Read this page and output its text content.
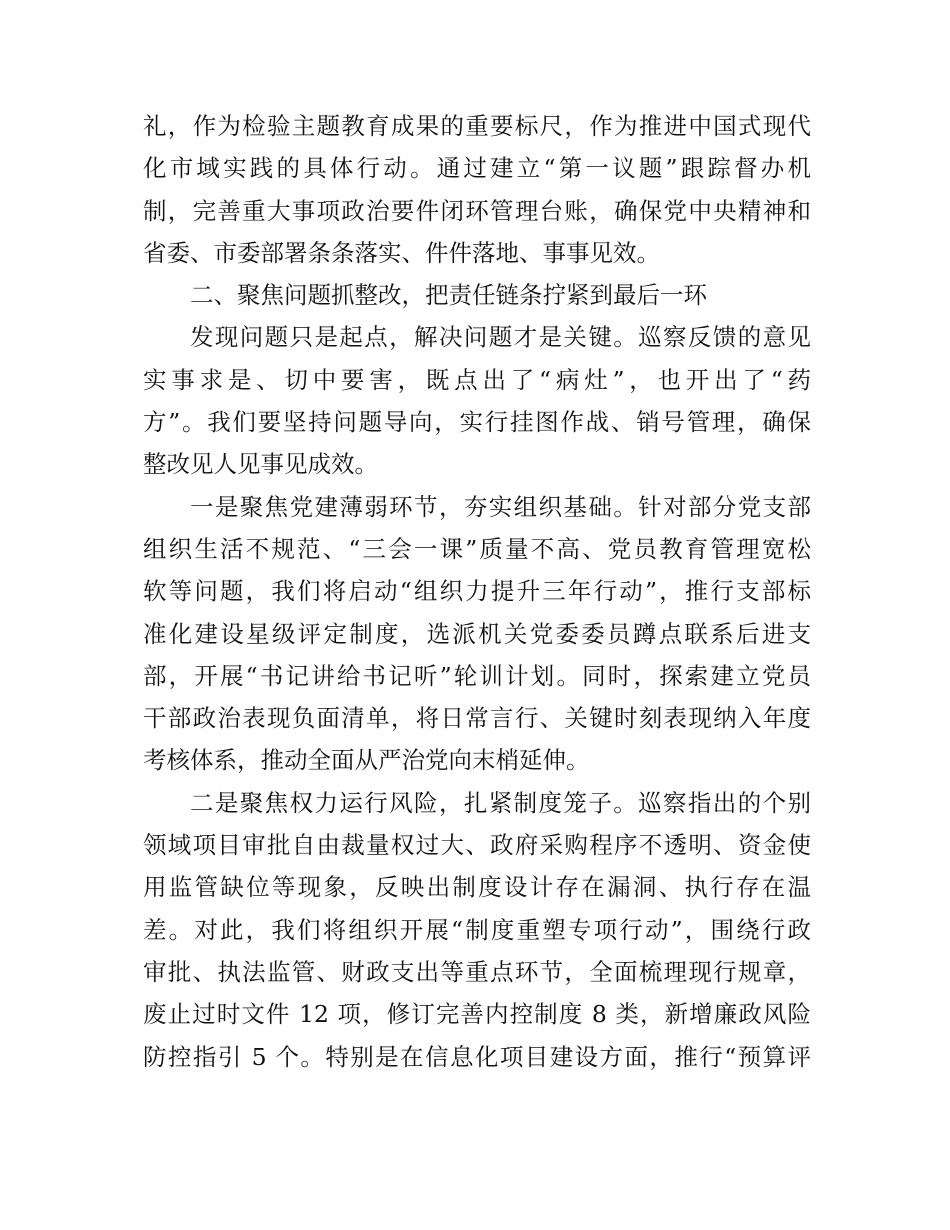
礼，作为检验主题教育成果的重要标尺，作为推进中国式现代
化市域实践的具体行动。通过建立“第一议题”跟踪督办机
制，完善重大事项政治要件闭环管理台账，确保党中央精神和
省委、市委部署条条落实、件件落地、事事见效。
二、聚焦问题抓整改，把责任链条拧紧到最后一环
发现问题只是起点，解决问题才是关键。巡察反馈的意见
实事求是、切中要害，既点出了“病灶”，也开出了“药
方”。我们要坚持问题导向，实行挂图作战、销号管理，确保
整改见人见事见成效。
一是聚焦党建薄弱环节，夯实组织基础。针对部分党支部
组织生活不规范、“三会一课”质量不高、党员教育管理宽松
软等问题，我们将启动“组织力提升三年行动”，推行支部标
准化建设星级评定制度，选派机关党委委员蹲点联系后进支
部，开展“书记讲给书记听”轮训计划。同时，探索建立党员
干部政治表现负面清单，将日常言行、关键时刻表现纳入年度
考核体系，推动全面从严治党向末梢延伸。
二是聚焦权力运行风险，扎紧制度笼子。巡察指出的个别
领域项目审批自由裁量权过大、政府采购程序不透明、资金使
用监管缺位等现象，反映出制度设计存在漏洞、执行存在温
差。对此，我们将组织开展“制度重塑专项行动”，围绕行政
审批、执法监管、财政支出等重点环节，全面梳理现行规章，
废止过时文件 12 项，修订完善内控制度 8 类，新增廉政风险
防控指引 5 个。特别是在信息化项目建设方面，推行“预算评
